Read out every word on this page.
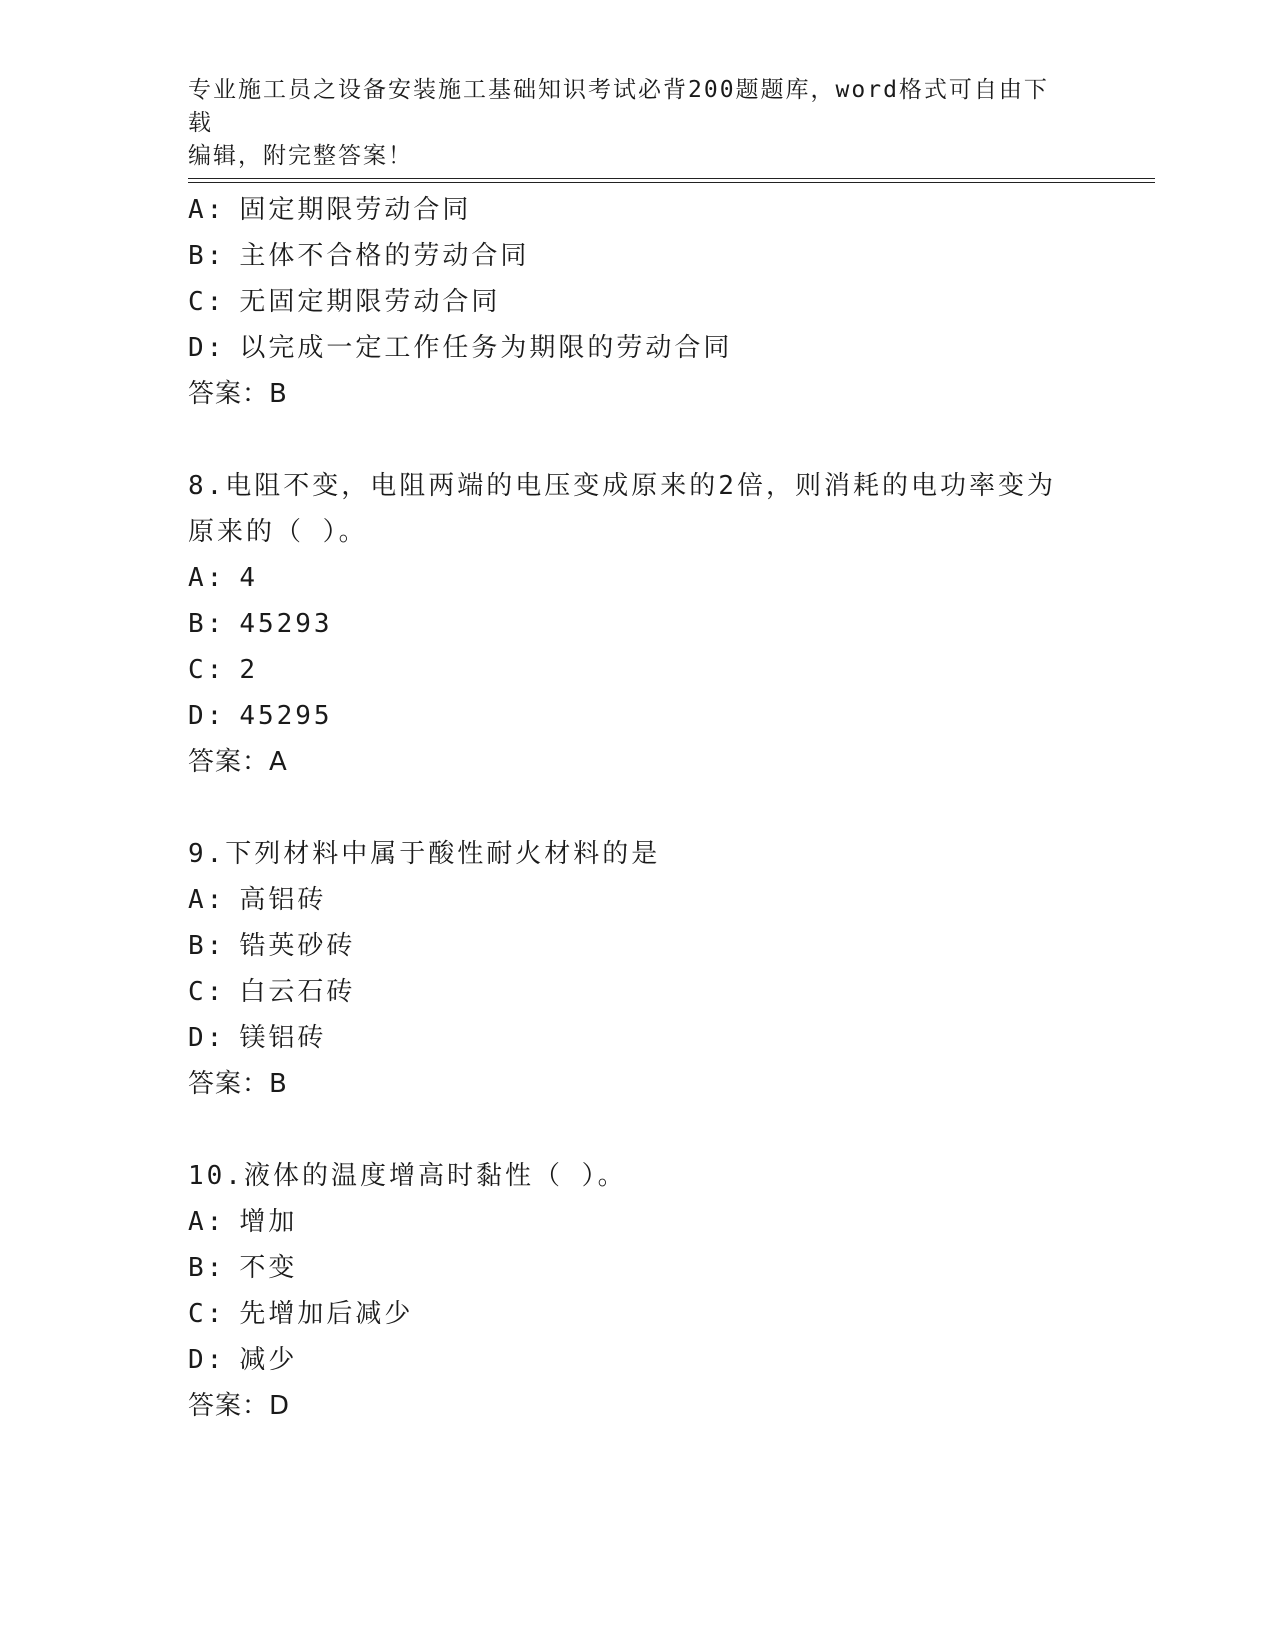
专业施工员之设备安装施工基础知识考试必背200题题库，word格式可自由下载
编辑，附完整答案！
A: 固定期限劳动合同
B: 主体不合格的劳动合同
C: 无固定期限劳动合同
D: 以完成一定工作任务为期限的劳动合同
答案：B
8.电阻不变，电阻两端的电压变成原来的2倍，则消耗的电功率变为
原来的（ ）。
A: 4
B: 45293
C: 2
D: 45295
答案：A
9.下列材料中属于酸性耐火材料的是
A: 高铝砖
B: 锆英砂砖
C: 白云石砖
D: 镁铝砖
答案：B
10.液体的温度增高时黏性（ ）。
A: 增加
B: 不变
C: 先增加后减少
D: 减少
答案：D
